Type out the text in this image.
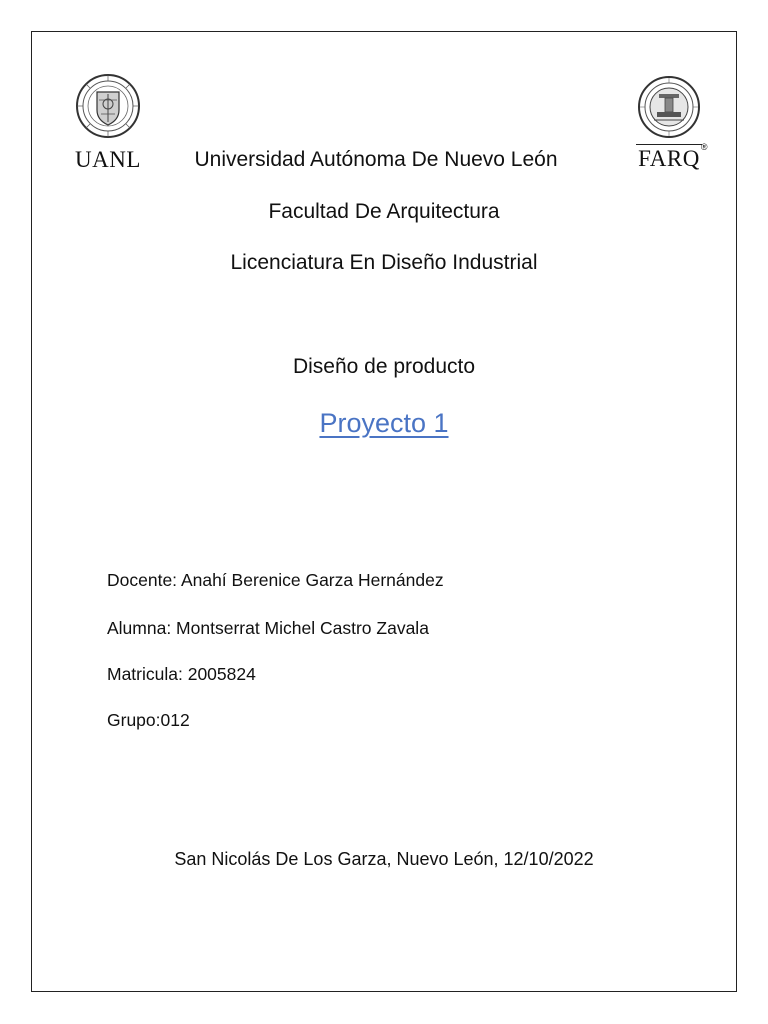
UANL	FARQ ®
Universidad Autónoma De Nuevo León
Facultad De Arquitectura
Licenciatura En Diseño Industrial
Diseño de producto
Proyecto 1
Docente: Anahí Berenice Garza Hernández
Alumna: Montserrat Michel Castro Zavala
Matricula: 2005824
Grupo:012
San Nicolás De Los Garza, Nuevo León, 12/10/2022
